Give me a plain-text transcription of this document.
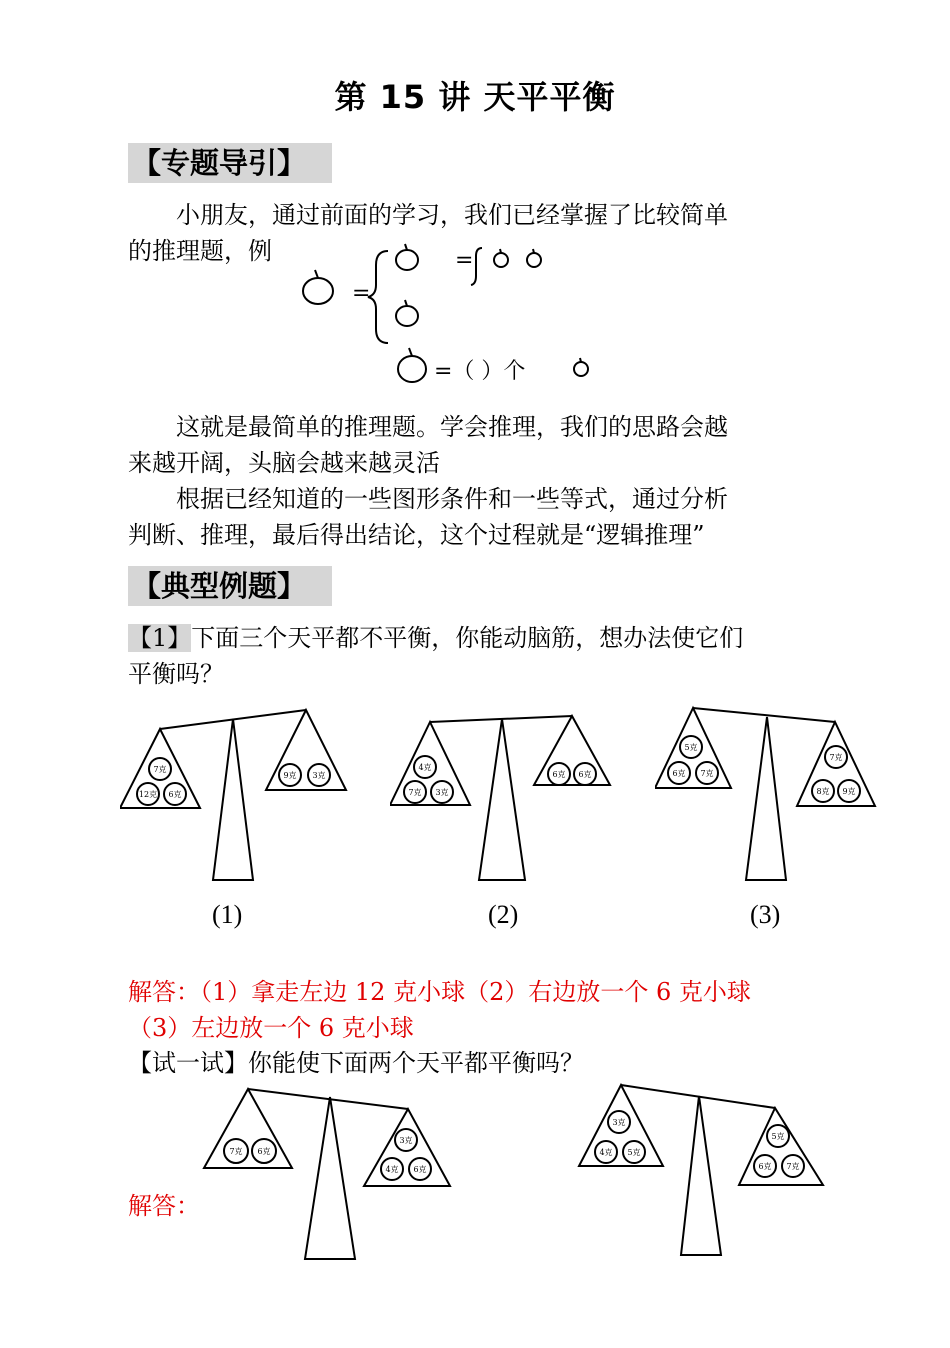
第 15 讲 天平平衡
【专题导引】
小朋友，通过前面的学习，我们已经掌握了比较简单
的推理题，例	=
=
=（ ）个
这就是最简单的推理题。学会推理，我们的思路会越
来越开阔，头脑会越来越灵活
根据已经知道的一些图形条件和一些等式，通过分析
判断、推理，最后得出结论，这个过程就是“逻辑推理”
【典型例题】
【1】下面三个天平都不平衡，你能动脑筋，想办法使它们
平衡吗？
7克
12克 6克
9克 3克
4克
7克 3克
6克 6克
5克
6克 7克
7克
8克 9克
(1)	(2)	(3)
解答：（1）拿走左边 12 克小球（2）右边放一个 6 克小球
（3）左边放一个 6 克小球
【试一试】你能使下面两个天平都平衡吗？
7克 6克
3克
4克 6克
3克
4克 5克
5克
6克 7克
解答：
